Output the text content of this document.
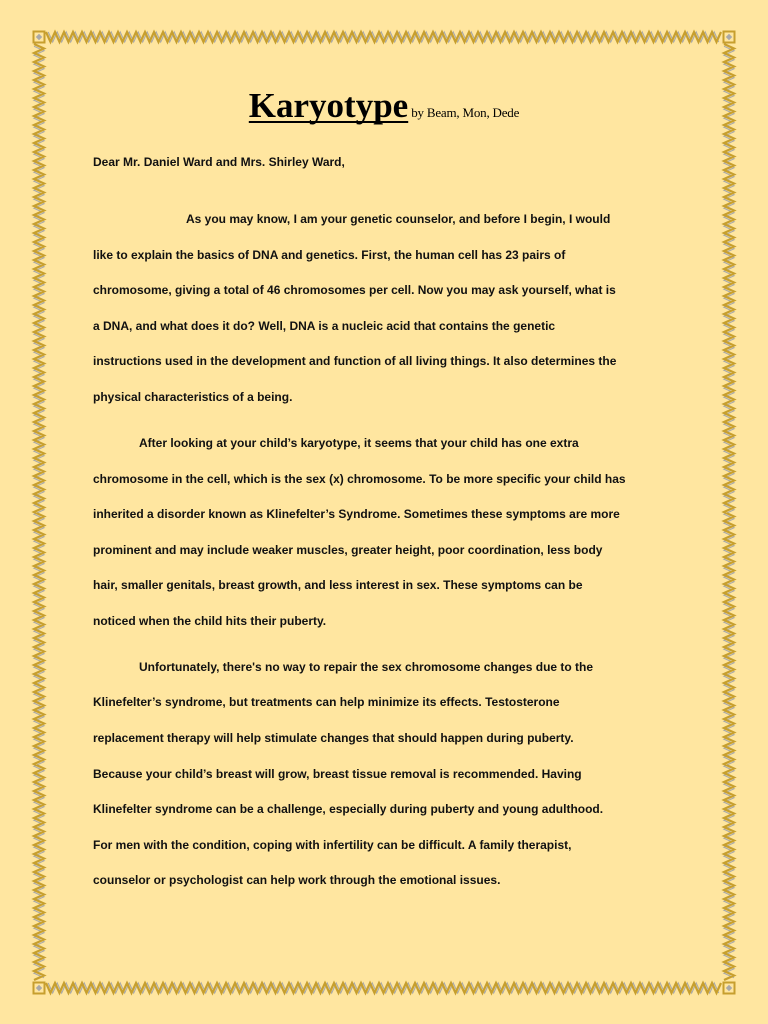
Karyotype by Beam, Mon, Dede
Dear Mr. Daniel Ward and Mrs. Shirley Ward,
As you may know, I am your genetic counselor, and before I begin, I would
like to explain the basics of DNA and genetics. First, the human cell has 23 pairs of
chromosome, giving a total of 46 chromosomes per cell. Now you may ask yourself, what is
a DNA, and what does it do? Well, DNA is a nucleic acid that contains the genetic
instructions used in the development and function of all living things. It also determines the
physical characteristics of a being.
After looking at your child’s karyotype, it seems that your child has one extra
chromosome in the cell, which is the sex (x) chromosome. To be more specific your child has
inherited a disorder known as Klinefelter’s Syndrome. Sometimes these symptoms are more
prominent and may include weaker muscles, greater height, poor coordination, less body
hair, smaller genitals, breast growth, and less interest in sex. These symptoms can be
noticed when the child hits their puberty.
Unfortunately, there's no way to repair the sex chromosome changes due to the
Klinefelter’s syndrome, but treatments can help minimize its effects. Testosterone
replacement therapy will help stimulate changes that should happen during puberty.
Because your child’s breast will grow, breast tissue removal is recommended. Having
Klinefelter syndrome can be a challenge, especially during puberty and young adulthood.
For men with the condition, coping with infertility can be difficult. A family therapist,
counselor or psychologist can help work through the emotional issues.
